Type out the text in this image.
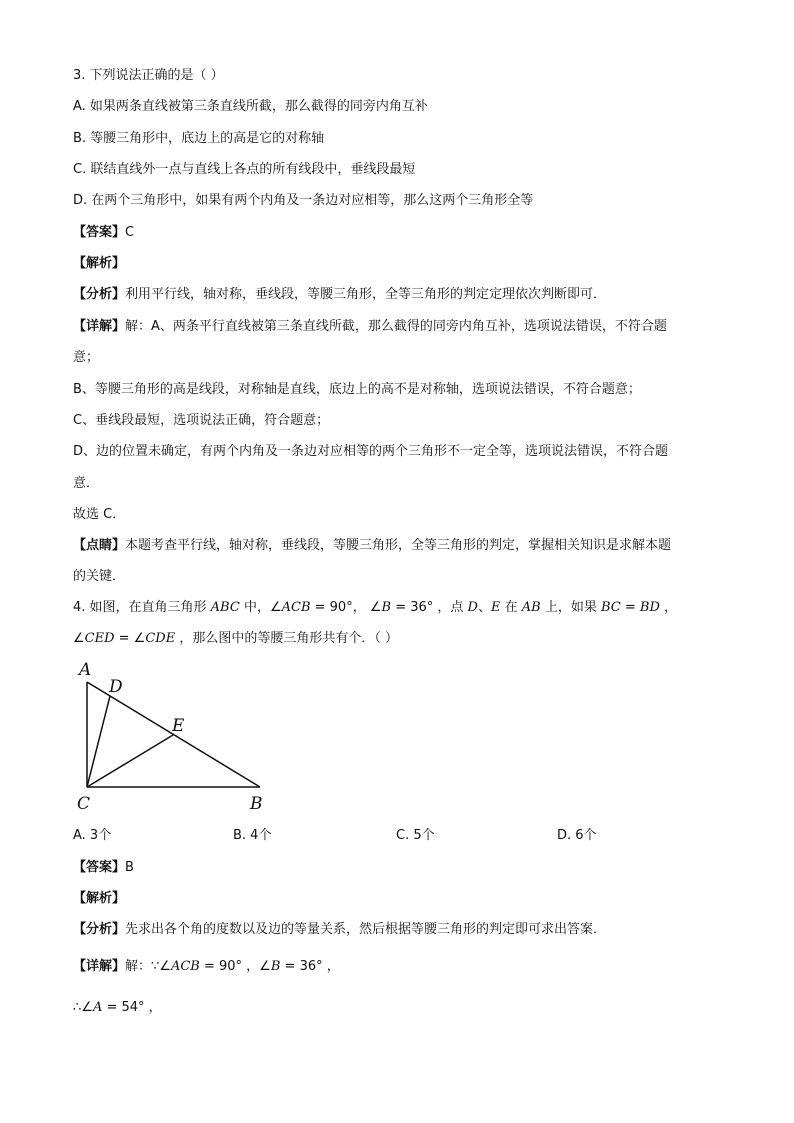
3. 下列说法正确的是（ ）
A. 如果两条直线被第三条直线所截，那么截得的同旁内角互补
B. 等腰三角形中，底边上的高是它的对称轴
C. 联结直线外一点与直线上各点的所有线段中，垂线段最短
D. 在两个三角形中，如果有两个内角及一条边对应相等，那么这两个三角形全等
【答案】C
【解析】
【分析】利用平行线，轴对称，垂线段，等腰三角形，全等三角形的判定定理依次判断即可．
【详解】解：A、两条平行直线被第三条直线所截，那么截得的同旁内角互补，选项说法错误，不符合题
意；
B、等腰三角形的高是线段，对称轴是直线，底边上的高不是对称轴，选项说法错误，不符合题意；
C、垂线段最短，选项说法正确，符合题意；
D、边的位置未确定，有两个内角及一条边对应相等的两个三角形不一定全等，选项说法错误，不符合题
意．
故选 C．
【点睛】本题考查平行线，轴对称，垂线段，等腰三角形，全等三角形的判定，掌握相关知识是求解本题
的关键．
4. 如图，在直角三角形 ABC 中，∠ACB = 90°， ∠B = 36° ，点 D、E 在 AB 上，如果 BC = BD ，
∠CED = ∠CDE ，那么图中的等腰三角形共有个．（ ）
A
D
E
C	B
A. 3个	B. 4个	C. 5个	D. 6个
【答案】B
【解析】
【分析】先求出各个角的度数以及边的等量关系，然后根据等腰三角形的判定即可求出答案．
【详解】解：∵∠ACB = 90° ，∠B = 36° ，
∴∠A = 54° ，
